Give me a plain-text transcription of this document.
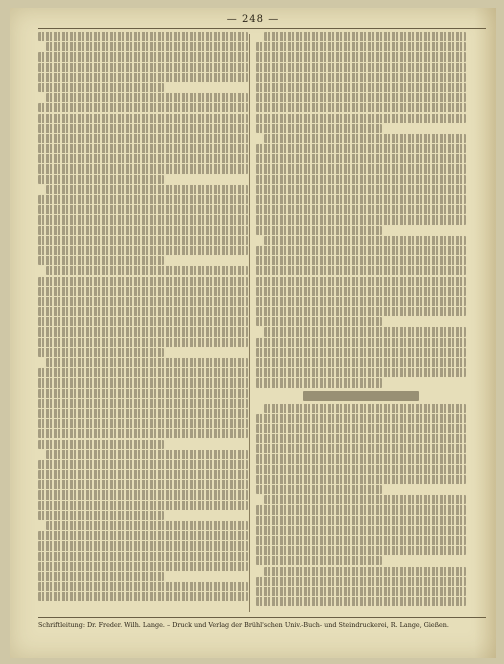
— 248 —
Schriftleitung: Dr. Freder. Wilh. Lange. – Druck und Verlag der Brühl'schen Univ.-Buch- und Steindruckerei, R. Lange, Gießen.
